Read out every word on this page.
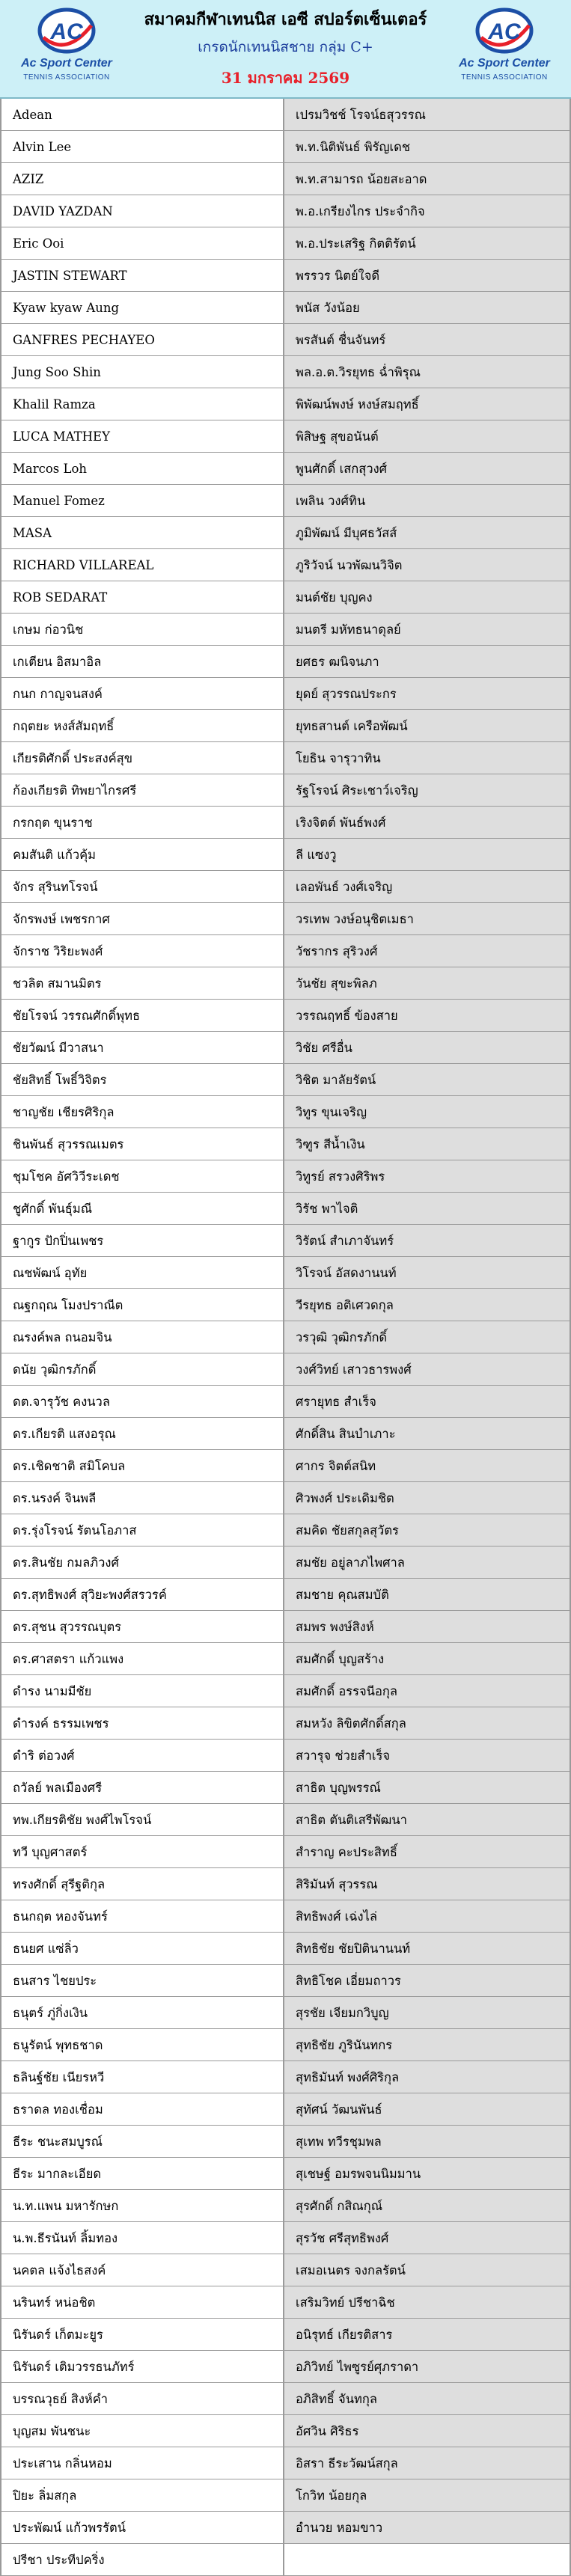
AC
Ac Sport Center
TENNIS ASSOCIATION
สมาคมกีฬาเทนนิส เอซี สปอร์ตเซ็นเตอร์
เกรดนักเทนนิสชาย กลุ่ม C+
31 มกราคม 2569
AC
Ac Sport Center
TENNIS ASSOCIATION
Adean	เปรมวิชช์ โรจน์ธสุวรรณ
Alvin Lee	พ.ท.นิติพันธ์ พิรัญเดช
AZIZ	พ.ท.สามารถ น้อยสะอาด
DAVID YAZDAN	พ.อ.เกรียงไกร ประจำกิจ
Eric Ooi	พ.อ.ประเสริฐ กิตติรัตน์
JASTIN STEWART	พรรวร นิตย์ใจดี
Kyaw kyaw Aung	พนัส วังน้อย
GANFRES PECHAYEO	พรสันต์ ชื่นจันทร์
Jung Soo Shin	พล.อ.ต.วิรยุทธ ฉ่ำพิรุณ
Khalil Ramza	พิพัฒน์พงษ์ หงษ์สมฤทธิ์
LUCA MATHEY	พิสิษฐ สุขอนันต์
Marcos Loh	พูนศักดิ์ เสกสุวงศ์
Manuel Fomez	เพลิน วงศ์ทิน
MASA	ภูมิพัฒน์ มีบุศธวัสส์
RICHARD VILLAREAL	ภูริวัจน์ นวพัฒนวิจิต
ROB SEDARAT	มนต์ชัย บุญคง
เกษม ก่อวนิช	มนตรี มหัทธนาดุลย์
เกเตียน อิสมาอิล	ยศธร ฒนิจนภา
กนก กาญจนสงค์	ยุดย์ สุวรรณประกร
กฤตยะ หงส์สัมฤทธิ์	ยุทธสานต์ เครือพัฒน์
เกียรติศักดิ์ ประสงค์สุข	โยธิน จารุวาทิน
ก้องเกียรติ ทิพยาไกรศรี	รัฐโรจน์ ศิระเชาว์เจริญ
กรกฤต ขุนราช	เริงจิตต์ พันธ์พงศ์
คมสันติ แก้วคุ้ม	ลี แซงวู
จักร สุรินทโรจน์	เลอพันธ์ วงศ์เจริญ
จักรพงษ์ เพชรกาศ	วรเทพ วงษ์อนุชิตเมธา
จักราช วิริยะพงศ์	วัชรากร สุริวงศ์
ชวลิต สมานมิตร	วันชัย สุขะพิลภ
ชัยโรจน์ วรรณศักดิ์พุทธ	วรรณฤทธิ์ ข้องสาย
ชัยวัฒน์ มีวาสนา	วิชัย ศรีอื่น
ชัยสิทธิ์ โพธิ์วิจิตร	วิชิต มาลัยรัตน์
ชาญชัย เชียรศิริกุล	วิทูร ขุนเจริญ
ชินพันธ์ สุวรรณเมตร	วิฑูร สีน้ำเงิน
ชุมโชค อัศวิวีระเดช	วิทูรย์ สรวงศิริพร
ชูศักดิ์ พันธุ์มณี	วิรัช พาไจติ
ฐากูร ปักปิ่นเพชร	วิรัตน์ สำเภาจันทร์
ณชพัฒน์ อุทัย	วิโรจน์ อัสดงานนท์
ณฐกฤณ โมงปราณีต	วีรยุทธ อติเศวดกุล
ณรงค์พล ถนอมจิน	วรวุฒิ วุฒิกรภักดิ์
ดนัย วุฒิกรภักดิ์	วงศ์วิทย์ เสาวธารพงศ์
ดต.จารุวัช คงนวล	ศรายุทธ สำเร็จ
ดร.เกียรติ แสงอรุณ	ศักดิ์สิน สินบำเภาะ
ดร.เชิดชาติ สมิโคบล	ศากร จิตต์สนิท
ดร.นรงค์ จินพลี	ศิวพงศ์ ประเดิมชิต
ดร.รุ่งโรจน์ รัตนโอภาส	สมคิด ชัยสกุลสุวัตร
ดร.สินชัย กมลภิวงศ์	สมชัย อยู่ลาภไพศาล
ดร.สุทธิพงศ์ สุวิยะพงศ์สรวรค์	สมชาย คุณสมบัติ
ดร.สุชน สุวรรณบุตร	สมพร พงษ์สิงห์
ดร.ศาสตรา แก้วแพง	สมศักดิ์ บุญสร้าง
ดำรง นามมีชัย	สมศักดิ์ อรรจนีอกุล
ดำรงค์ ธรรมเพชร	สมหวัง ลิขิตศักดิ์สกุล
ดำริ ต่อวงศ์	สวารุจ ช่วยสำเร็จ
ถวัลย์ พลเมืองศรี	สาธิต บุญพรรณ์
ทพ.เกียรติชัย พงศ์ไพโรจน์	สาธิต ตันติเสรีพัฒนา
ทวี บุญศาสตร์	สำราญ คะประสิทธิ์
ทรงศักดิ์ สุรีฐติกุล	สิริมันท์ สุวรรณ
ธนกฤต หองจันทร์	สิทธิพงศ์ เฉ่งไล่
ธนยศ แซ่ลิ่ว	สิทธิชัย ชัยปิตินานนท์
ธนสาร ไชยประ	สิทธิโชค เอี่ยมถาวร
ธนุตร์ ภู่กิ่งเงิน	สุรชัย เจียมกวิบูญ
ธนูรัตน์ พุทธชาด	สุทธิชัย ภูรินันทกร
ธลินฐ์ชัย เนียรหวี	สุทธิมันท์ พงศ์ศิริกุล
ธราดล ทองเชื่อม	สุทัศน์ วัฒนพันธ์
ธีระ ชนะสมบูรณ์	สุเทพ ทวีรชุมพล
ธีระ มากละเอียด	สุเชษฐ์ อมรพจนนิมมาน
น.ท.แพน มหารักษก	สุรศักดิ์ กสิณกุณ์
น.พ.ธีรนันท์ ลิ้มทอง	สุรวัช ศรีสุทธิพงศ์
นคตล แจ้งไธสงค์	เสมอเนตร จงกลรัตน์
นรินทร์ หน่อชิต	เสริมวิทย์ ปรีชาฉิช
นิรันดร์ เก็ตมะยูร	อนิรุทธ์ เกียรติสาร
นิรันดร์ เติมวรรธนภัทร์	อภิวิทย์ ไพซูรย์ศุภราดา
บรรณวุธย์ สิงห์คำ	อภิสิทธิ์ จันทกุล
บุญสม พันชนะ	อัศวิน ศิริธร
ประเสาน กลิ่นหอม	อิสรา ธีระวัฒน์สกุล
ปิยะ ลิ่มสกุล	โกวิท น้อยกุล
ประพัฒน์ แก้วพรรัตน์	อำนวย หอมขาว
ปรีชา ประทีปคริ่ง
